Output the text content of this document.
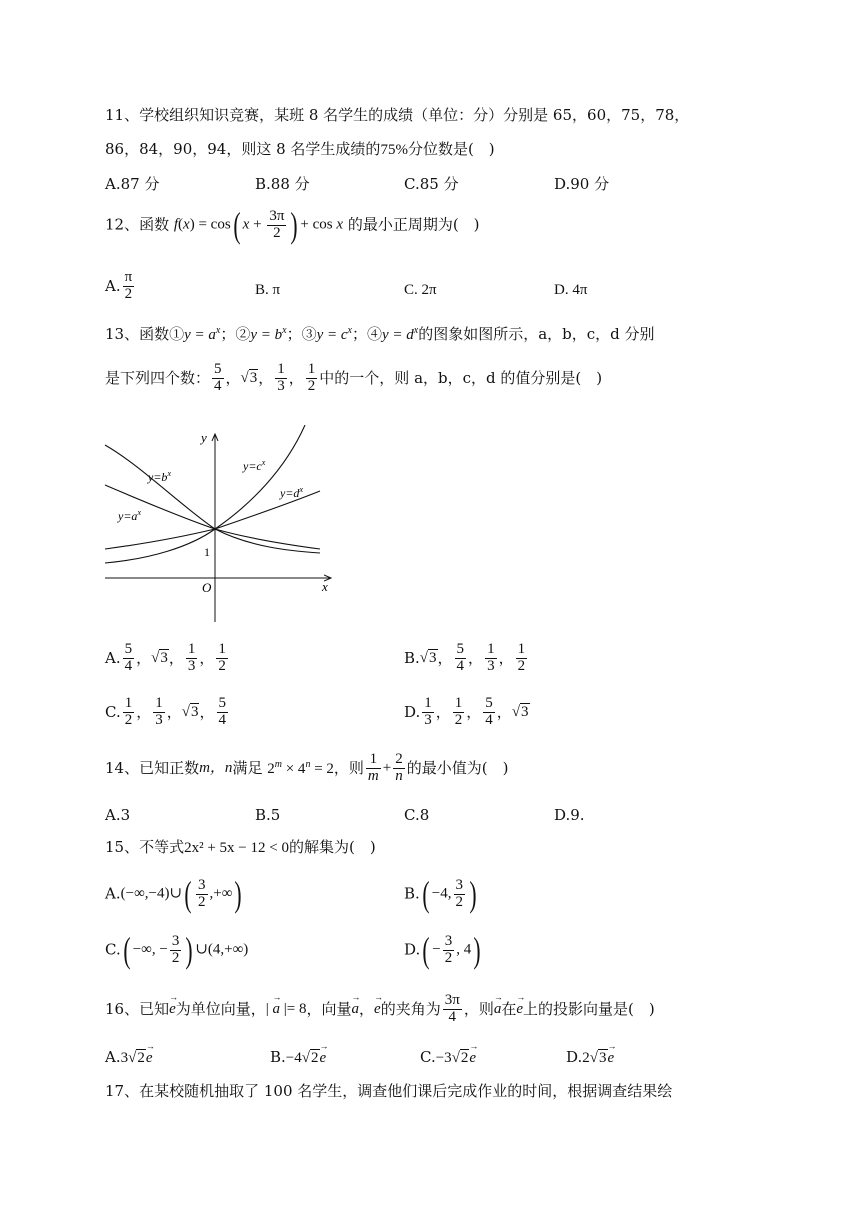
11、学校组织知识竞赛，某班 8 名学生的成绩（单位：分）分别是 65，60，75，78，
86，84，90，94，则这 8 名学生成绩的75%分位数是(　)
A.87 分	B.88 分	C.85 分	D.90 分
12、函数 f(x) = cos( $x + \frac{3\pi}{2}$ ) + cos x 的最小正周期为(　)
A. $\frac{\pi}{2}$	B. π	C. 2π	D. 4π
13、函数①y = $a^x$；②y = $b^x$；③y = $c^x$；④y = $d^x$的图象如图所示，a，b，c，d 分别
是下列四个数： $\frac{5}{4}$ ，√3， $\frac{1}{3}$ ， $\frac{1}{2}$ 中的一个，则 a，b，c，d 的值分别是(　)
y
x
O
1
$y=b^x$
$y=c^x$
$y=d^x$
$y=a^x$
A. $\frac{5}{4}$ ，√3， $\frac{1}{3}$ ， $\frac{1}{2}$	B.√3， $\frac{5}{4}$ ， $\frac{1}{3}$ ， $\frac{1}{2}$
C. $\frac{1}{2}$ ， $\frac{1}{3}$ ，√3， $\frac{5}{4}$	D. $\frac{1}{3}$ ， $\frac{1}{2}$ ， $\frac{5}{4}$ ，√3
14、已知正数m，n满足 $2^m \times 4^n = 2$，则 $\frac{1}{m} + \frac{2}{n}$ 的最小值为(　)
A.3	B.5	C.8	D.9.
15、不等式2x² + 5x − 12 < 0的解集为(　)
A.(−∞,−4)∪( $\frac{3}{2}$ ,+∞)	B.( −4, $\frac{3}{2}$ )
C.( −∞, − $\frac{3}{2}$ ) ∪(4,+∞)	$D.( - \frac{3}{2}$ , 4)
16、已知→ e为单位向量，| → a |= 8，向量→ a，→ e的夹角为 $\frac{3\pi}{4}$ ，则→ a在→ e上的投影向量是(　)
A.3√2→ e	B.−4√2→ e	C.−3√2→ e	D.2√3→ e
17、在某校随机抽取了 100 名学生，调查他们课后完成作业的时间，根据调查结果绘
